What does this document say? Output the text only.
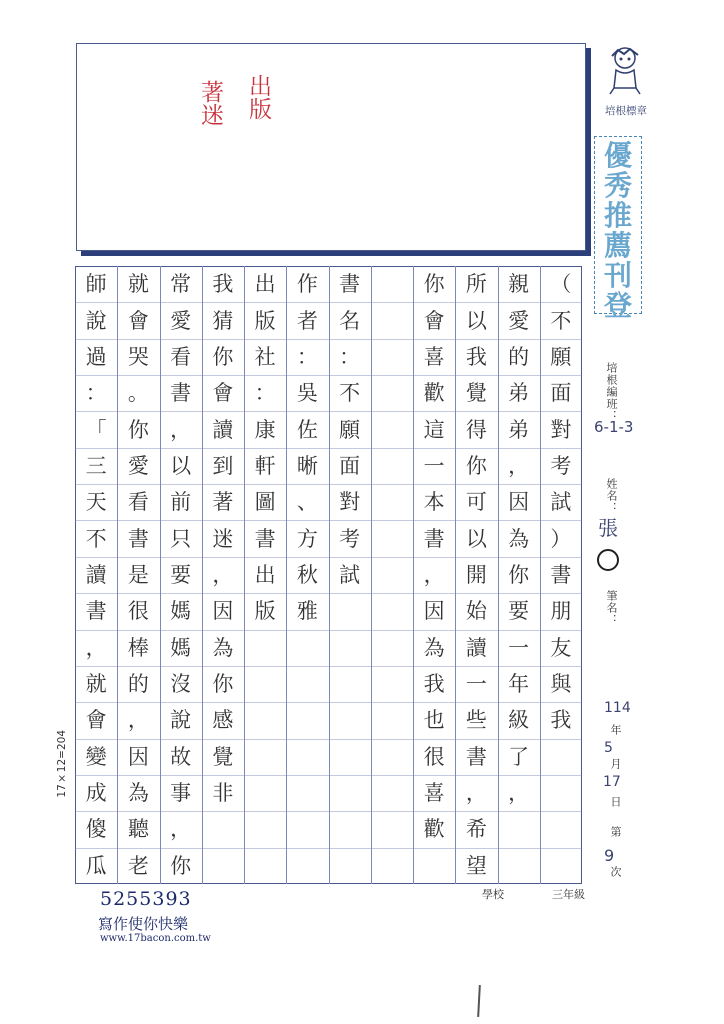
出版
著迷	培根標章
優
秀
推
薦
刊
登
（
不
願
面
對
考
試
）
書
朋
友
與
我
親
愛
的
弟
弟
，
因
為
你
要
一
年
級
了
，
所
以
我
覺
得
你
可
以
開
始
讀
一
些
書
，
希
望
你
會
喜
歡
這
一
本
書
，
因
為
我
也
很
喜
歡
書
名
：
不
願
面
對
考
試
作
者
：
吳
佐
晰
、
方
秋
雅
出
版
社
：
康
軒
圖
書
出
版
我
猜
你
會
讀
到
著
迷
，
因
為
你
感
覺
非
常
愛
看
書
，
以
前
只
要
媽
媽
沒
說
故
事
，
你
就
會
哭
。
你
愛
看
書
是
很
棒
的
，
因
為
聽
老
師
說
過
：
「
三
天
不
讀
書
，
就
會
變
成
傻
瓜
培根編班：
6-1-3
姓名：
張
筆名：
114
年
5
月
17
日
第
9
次
17×12=204
學校	三年級
5255393
寫作使你快樂
www.17bacon.com.tw
